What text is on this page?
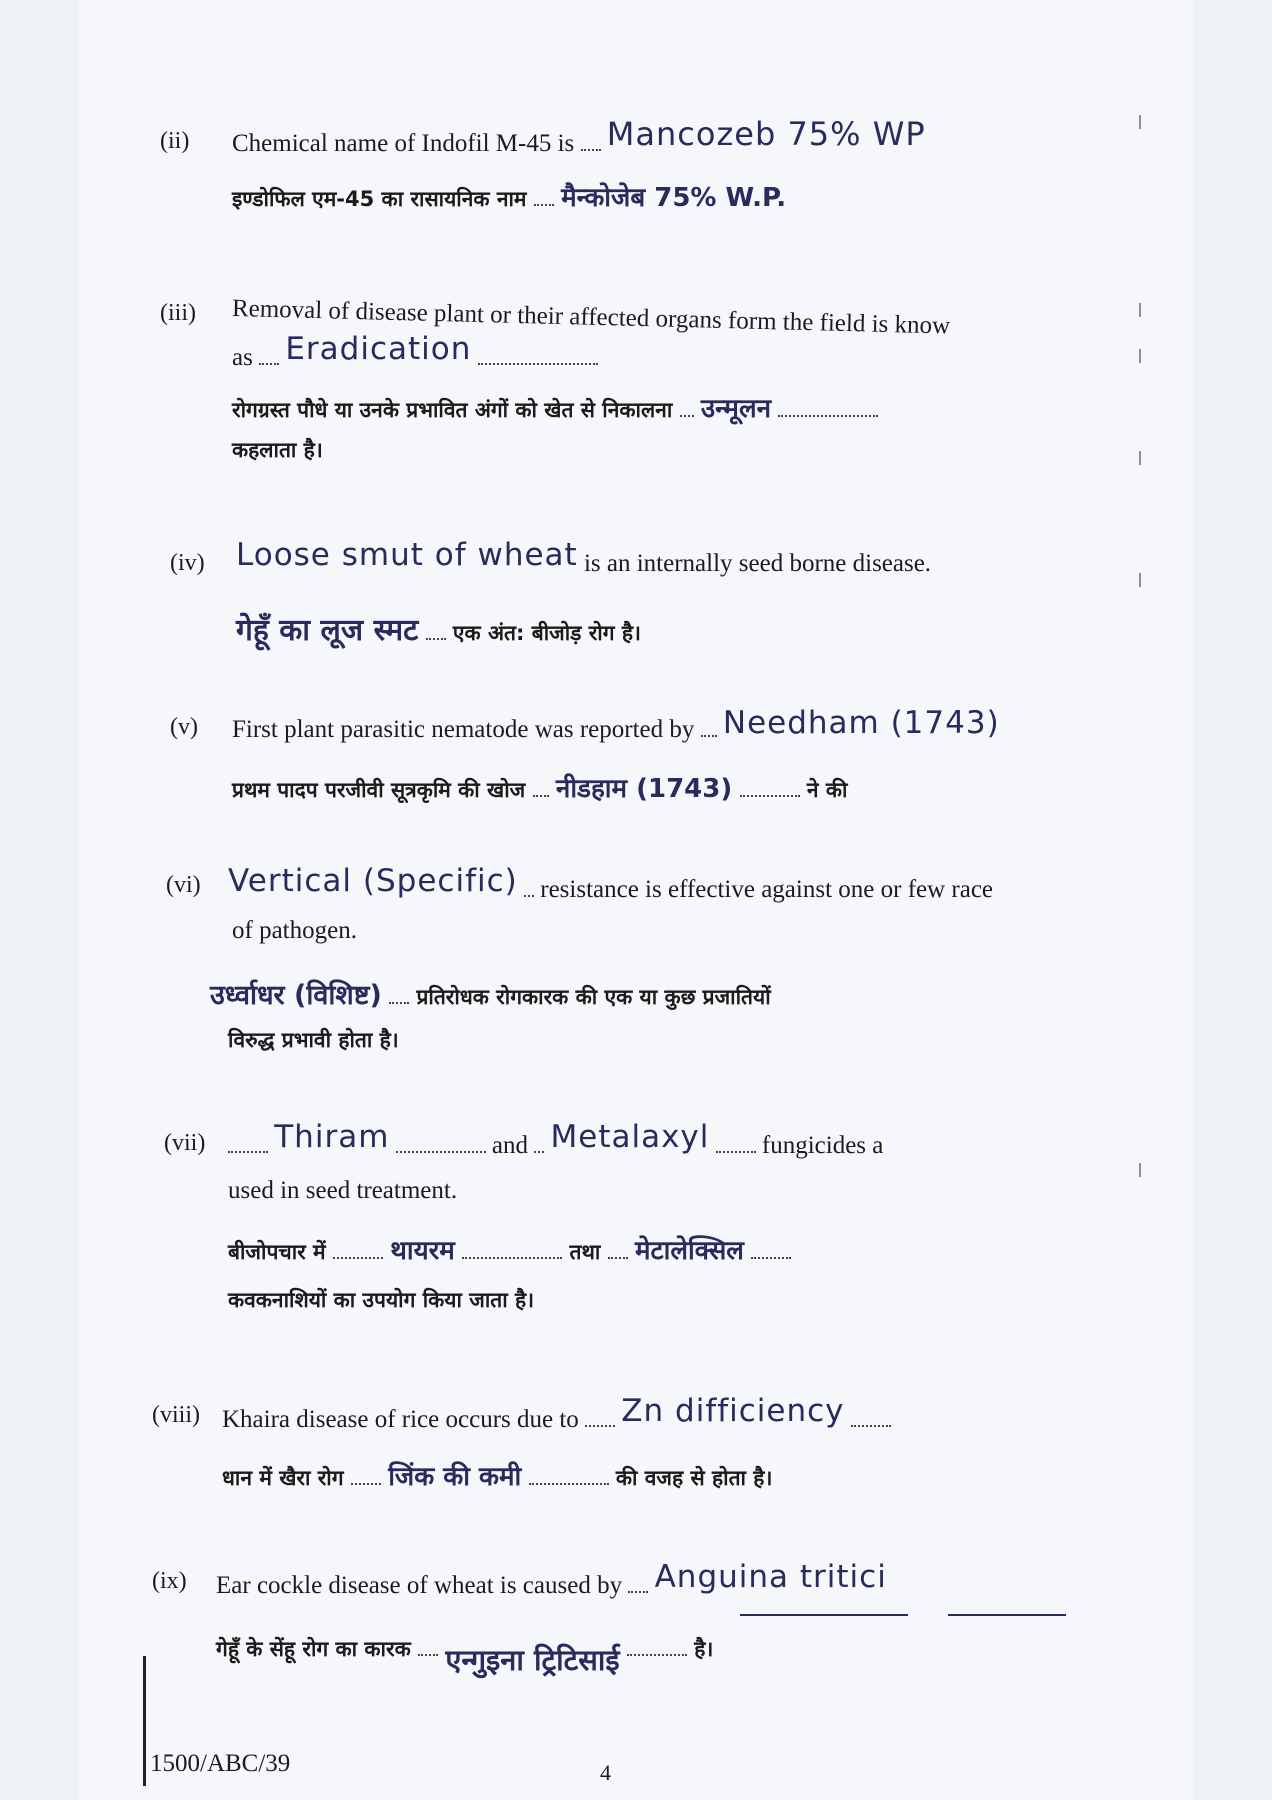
(ii) Chemical name of Indofil M-45 is Mancozeb 75% WP
इण्डोफिल एम-45 का रासायनिक नाम मैन्कोजेब 75% W.P.
(iii) Removal of disease plant or their affected organs form the field is know
as Eradication
रोगग्रस्त पौधे या उनके प्रभावित अंगों को खेत से निकालना उन्मूलन
कहलाता है।
(iv) Loose smut of wheat is an internally seed borne disease.
गेहूँ का लूज स्मट एक अंत: बीजोड़ रोग है।
(v) First plant parasitic nematode was reported by Needham (1743)
प्रथम पादप परजीवी सूत्रकृमि की खोज नीडहाम (1743)	ने की
(vi) Vertical (Specific) resistance is effective against one or few race
of pathogen.
उर्ध्वाधर (विशिष्ट) प्रतिरोधक रोगकारक की एक या कुछ प्रजातियों
विरुद्ध प्रभावी होता है।
(vii)	Thiram	and Metalaxyl fungicides a
used in seed treatment.
बीजोपचार में थायरम	तथा मेटालेक्सिल
कवकनाशियों का उपयोग किया जाता है।
(viii) Khaira disease of rice occurs due to Zn difficiency
धान में खैरा रोग जिंक की कमी	की वजह से होता है।
(ix) Ear cockle disease of wheat is caused by Anguina tritici
गेहूँ के सेंहू रोग का कारक एन्गुइना ट्रिटिसाई	है।
ǀ
ǀ
ǀ
ǀ
ǀ
ǀ
1500/ABC/39	4
